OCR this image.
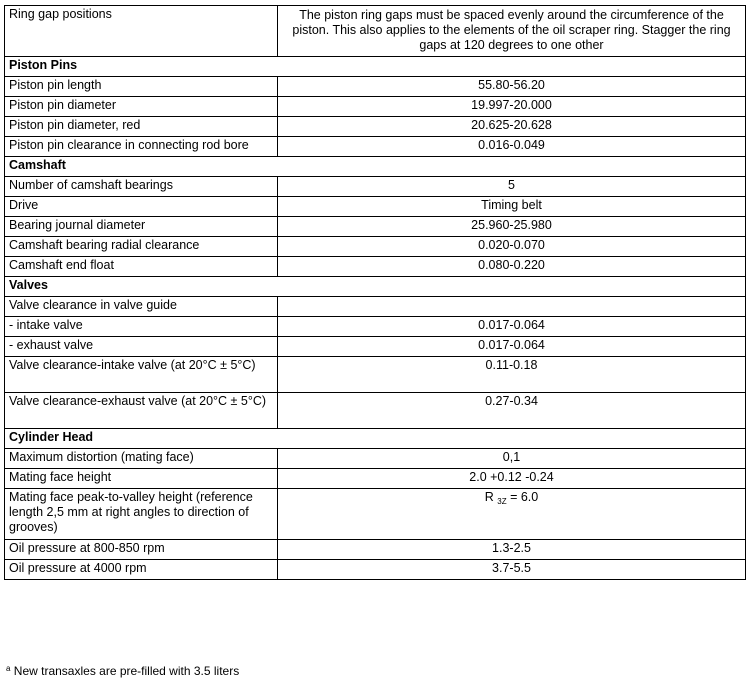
Ring gap positions	The piston ring gaps must be spaced evenly around the circumference of the piston. This also applies to the elements of the oil scraper ring. Stagger the ring gaps at 120 degrees to one other
Piston Pins	
Piston pin length	55.80-56.20
Piston pin diameter	19.997-20.000
Piston pin diameter, red	20.625-20.628
Piston pin clearance in connecting rod bore	0.016-0.049
Camshaft	
Number of camshaft bearings	5
Drive	Timing belt
Bearing journal diameter	25.960-25.980
Camshaft bearing radial clearance	0.020-0.070
Camshaft end float	0.080-0.220
Valves	
Valve clearance in valve guide	
- intake valve	0.017-0.064
- exhaust valve	0.017-0.064
Valve clearance-intake valve (at 20°C ± 5°C)	0.11-0.18
Valve clearance-exhaust valve (at 20°C ± 5°C)	0.27-0.34
Cylinder Head	
Maximum distortion (mating face)	0,1
Mating face height	2.0 +0.12 -0.24
Mating face peak-to-valley height (reference length 2,5 mm at right angles to direction of grooves)	R $_{3Z}$ = 6.0
Oil pressure at 800-850 rpm	1.3-2.5
Oil pressure at 4000 rpm	3.7-5.5
$^a$ New transaxles are pre-filled with 3.5 liters
